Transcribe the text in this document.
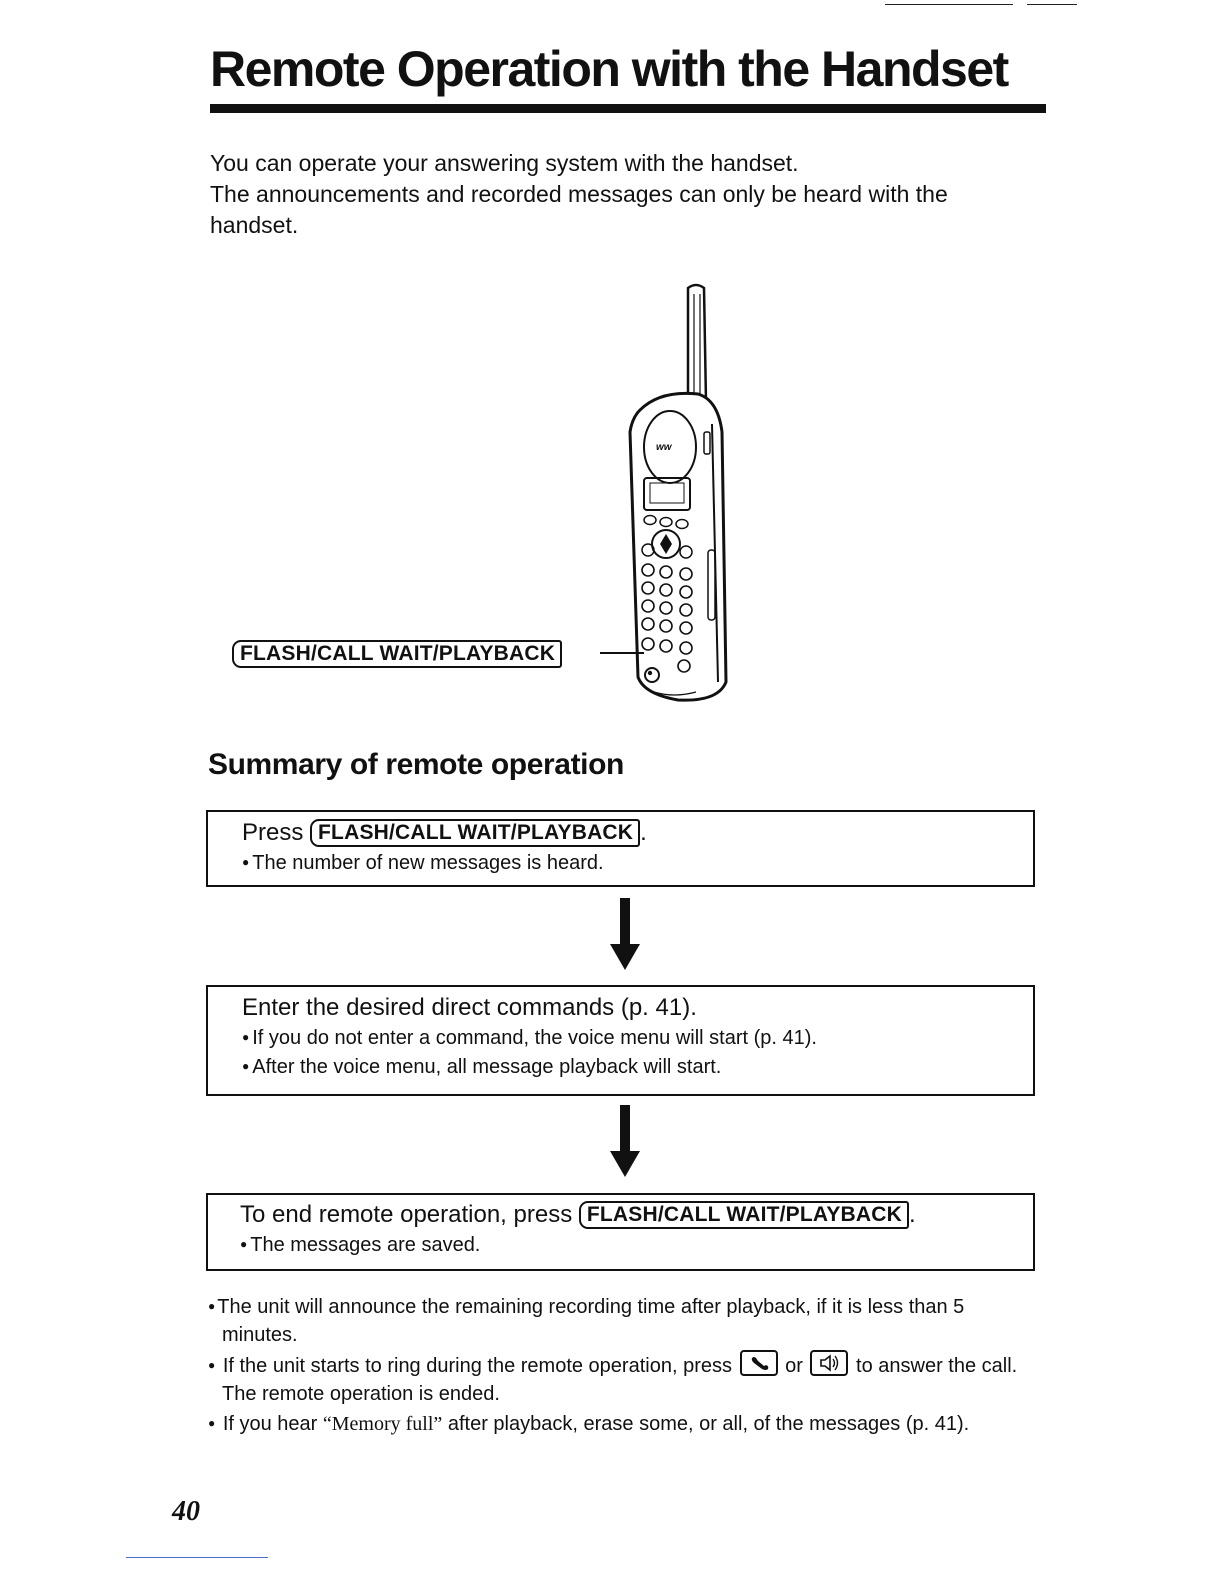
Remote Operation with the Handset

You can operate your answering system with the handset.

The announcements and recorded messages can only be heard with the handset.

ww
FLASH/CALL WAIT/PLAYBACK
Summary of remote operation
Press FLASH/CALL WAIT/PLAYBACK .
● The number of new messages is heard.
Enter the desired direct commands (p. 41).
● If you do not enter a command, the voice menu will start (p. 41).
● After the voice menu, all message playback will start.
To end remote operation, press FLASH/CALL WAIT/PLAYBACK .
● The messages are saved.
● The unit will announce the remaining recording time after playback, if it is less than 5 minutes.
● If the unit starts to ring during the remote operation, press	or	to answer the call. The remote operation is ended.
● If you hear “Memory full” after playback, erase some, or all, of the messages (p. 41).
40
